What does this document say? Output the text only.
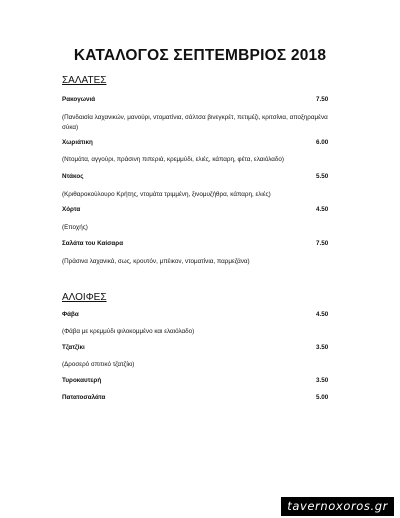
ΚΑΤΑΛΟΓΟΣ ΣΕΠΤΕΜΒΡΙΟΣ 2018
ΣΑΛΑΤΕΣ
Ρακογωνιά	7.50
(Πανδαισία λαχανικών, μανούρι, ντοματίνια, σάλτσα βινεγκρέτ, πετιμέζι, κριτσίνια, αποξηραμένα σύκα)
Χωριάτικη	6.00
(Ντομάτα, αγγούρι, πράσινη πιπεριά, κρεμμύδι, ελιές, κάπαρη, φέτα, ελαιόλαδο)
Ντάκος	5.50
(Κριθαροκούλουρο Κρήτης, ντομάτα τριμμένη, ξινομυζήθρα, κάπαρη, ελιές)
Χόρτα	4.50
(Εποχής)
Σαλάτα του Καίσαρα	7.50
(Πράσινα λαχανικά, σως, κρουτόν, μπέικον, ντοματίνια, παρμεζάνα)
ΑΛΟΙΦΕΣ
Φάβα	4.50
(Φάβα με κρεμμύδι ψιλοκομμένο και ελαιόλαδο)
Τζατζίκι	3.50
(Δροσερό σπιτικό τζατζίκι)
Τυροκαυτερή	3.50
Πατατοσαλάτα	5.00
tavernoxoros.gr
